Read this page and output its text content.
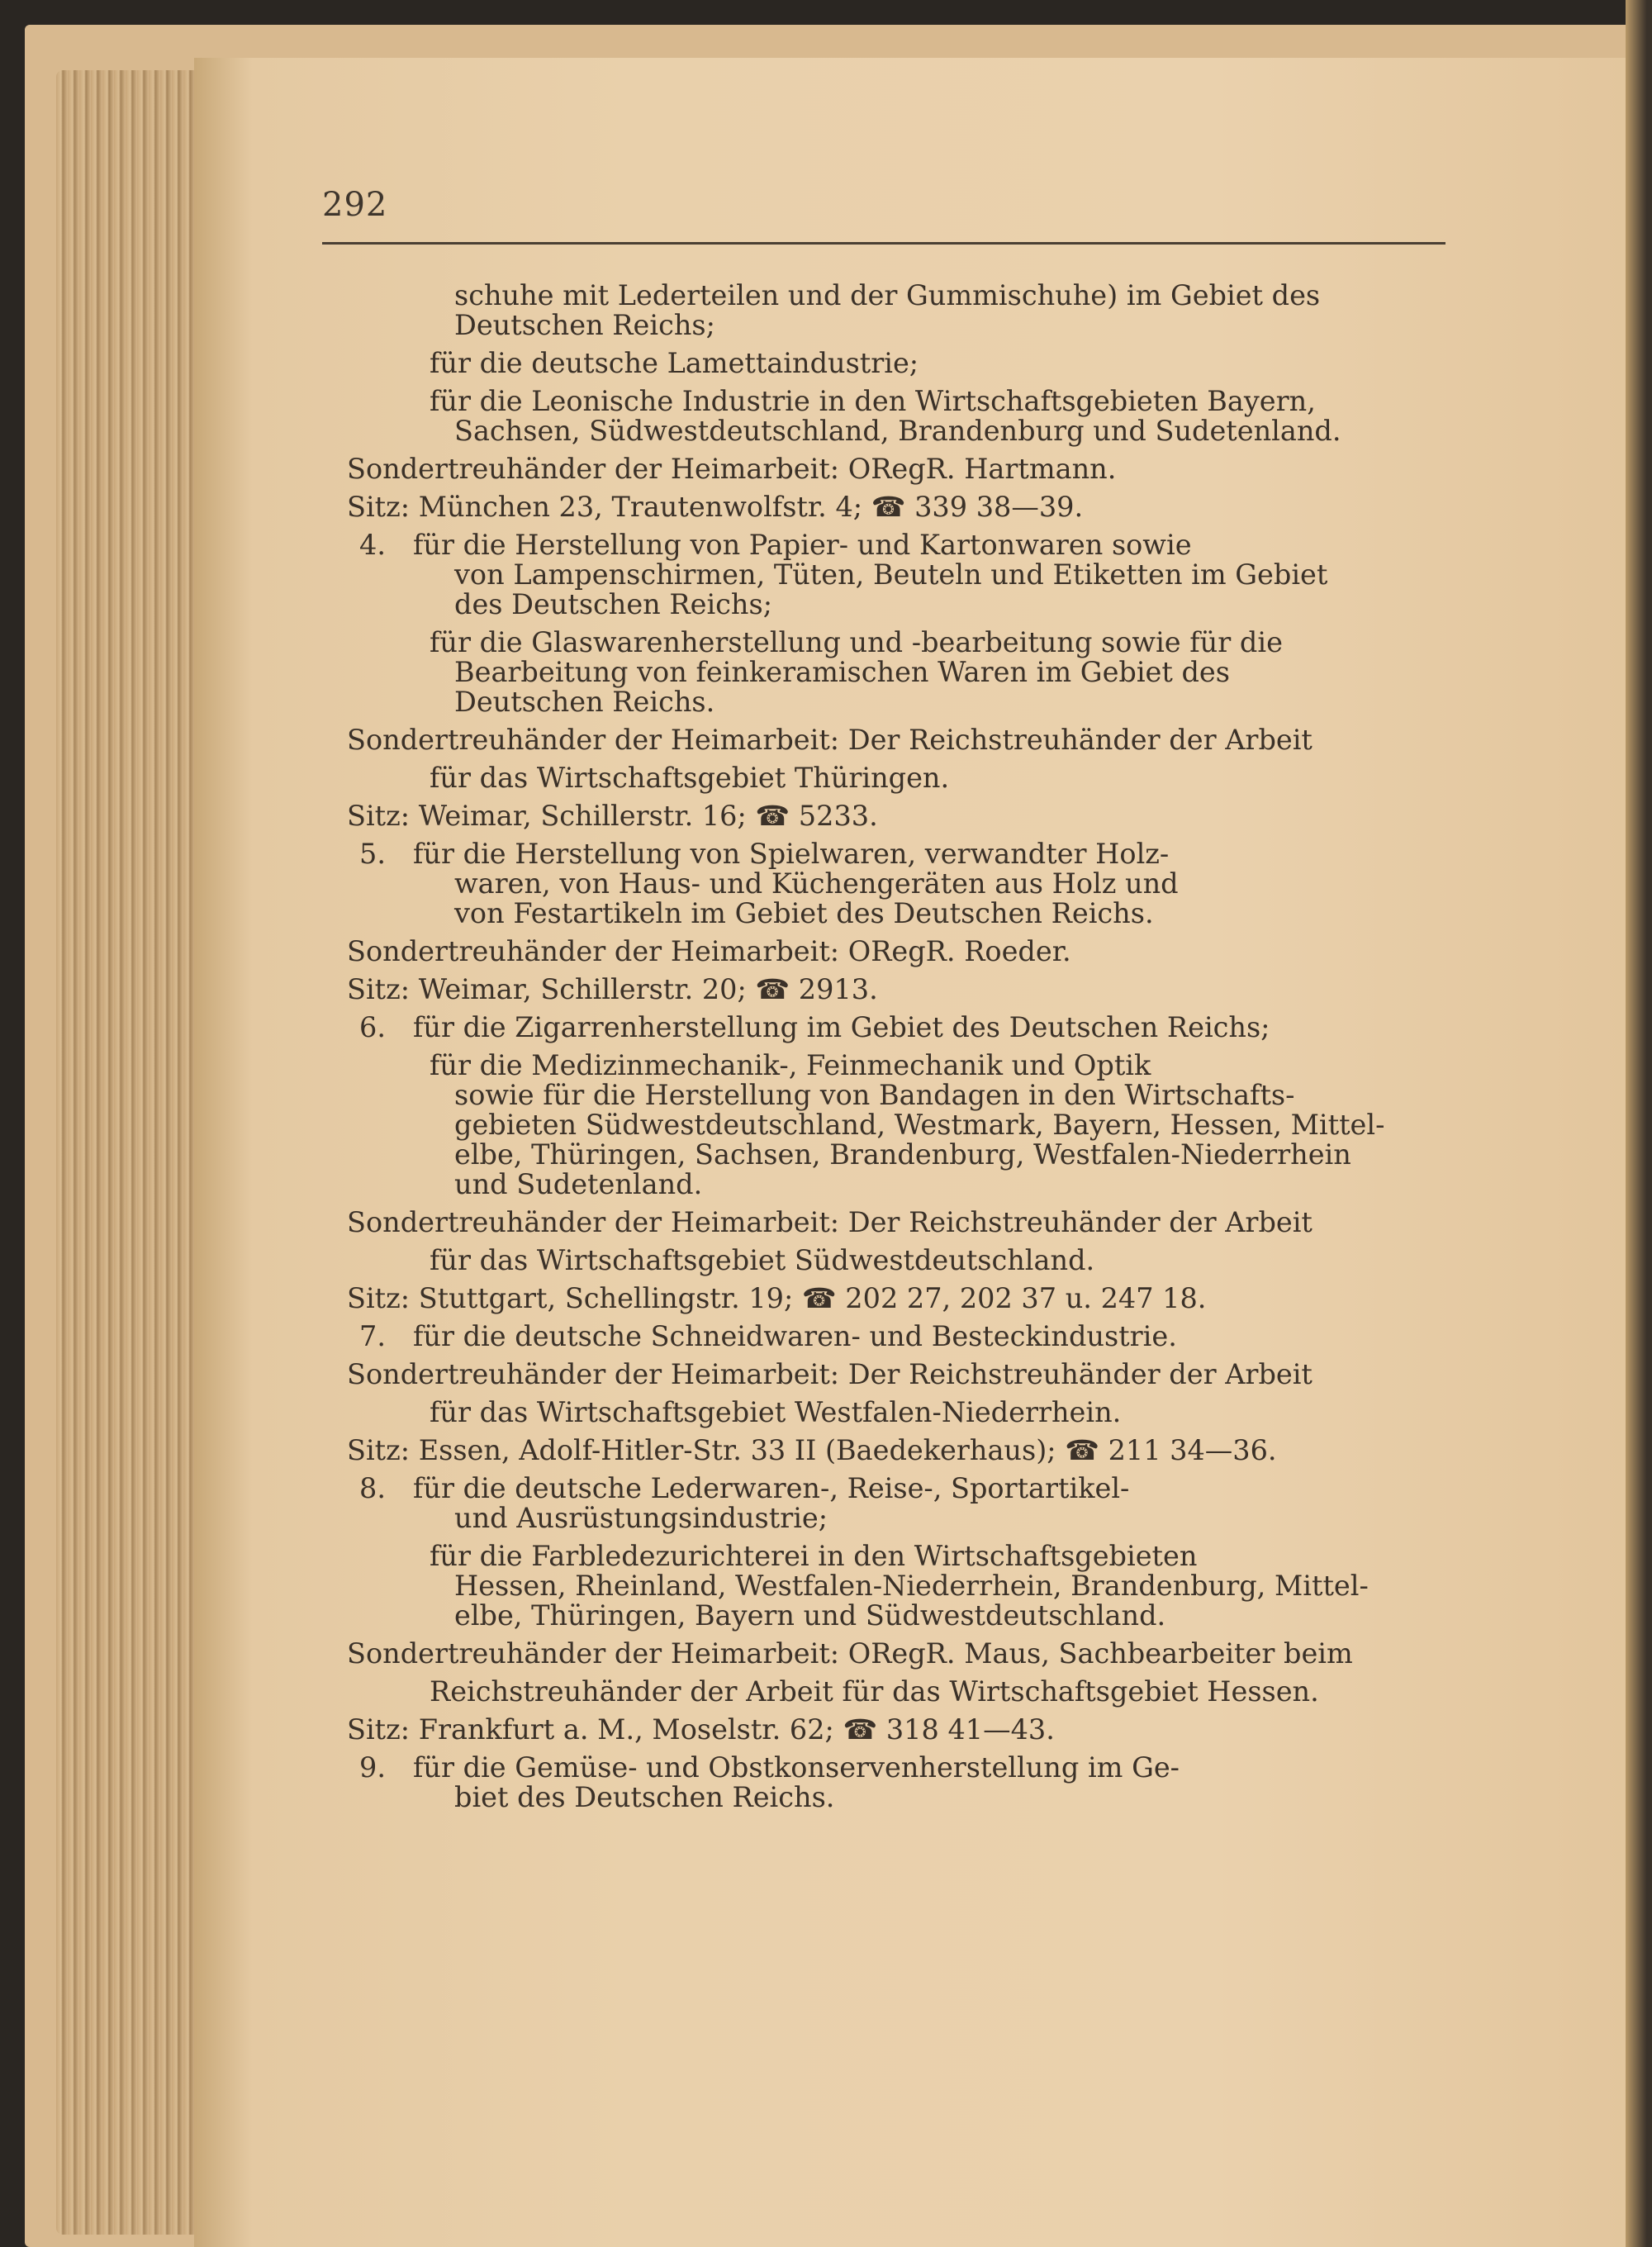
292
schuhe mit Lederteilen und der Gummischuhe) im Gebiet des
Deutschen Reichs;
für die deutsche Lamettaindustrie;
für die Leonische Industrie in den Wirtschaftsgebieten Bayern,
Sachsen, Südwestdeutschland, Brandenburg und Sudetenland.
Sondertreuhänder der Heimarbeit: ORegR. Hartmann.
Sitz: München 23, Trautenwolfstr. 4; ☎ 339 38—39.
4. für die Herstellung von Papier- und Kartonwaren sowie
von Lampenschirmen, Tüten, Beuteln und Etiketten im Gebiet
des Deutschen Reichs;
für die Glaswarenherstellung und -bearbeitung sowie für die
Bearbeitung von feinkeramischen Waren im Gebiet des
Deutschen Reichs.
Sondertreuhänder der Heimarbeit: Der Reichstreuhänder der Arbeit
für das Wirtschaftsgebiet Thüringen.
Sitz: Weimar, Schillerstr. 16; ☎ 5233.
5. für die Herstellung von Spielwaren, verwandter Holz-
waren, von Haus- und Küchengeräten aus Holz und
von Festartikeln im Gebiet des Deutschen Reichs.
Sondertreuhänder der Heimarbeit: ORegR. Roeder.
Sitz: Weimar, Schillerstr. 20; ☎ 2913.
6. für die Zigarrenherstellung im Gebiet des Deutschen Reichs;
für die Medizinmechanik-, Feinmechanik und Optik
sowie für die Herstellung von Bandagen in den Wirtschafts-
gebieten Südwestdeutschland, Westmark, Bayern, Hessen, Mittel-
elbe, Thüringen, Sachsen, Brandenburg, Westfalen-Niederrhein
und Sudetenland.
Sondertreuhänder der Heimarbeit: Der Reichstreuhänder der Arbeit
für das Wirtschaftsgebiet Südwestdeutschland.
Sitz: Stuttgart, Schellingstr. 19; ☎ 202 27, 202 37 u. 247 18.
7. für die deutsche Schneidwaren- und Besteckindustrie.
Sondertreuhänder der Heimarbeit: Der Reichstreuhänder der Arbeit
für das Wirtschaftsgebiet Westfalen-Niederrhein.
Sitz: Essen, Adolf-Hitler-Str. 33 II (Baedekerhaus); ☎ 211 34—36.
8. für die deutsche Lederwaren-, Reise-, Sportartikel-
und Ausrüstungsindustrie;
für die Farbledezurichterei in den Wirtschaftsgebieten
Hessen, Rheinland, Westfalen-Niederrhein, Brandenburg, Mittel-
elbe, Thüringen, Bayern und Südwestdeutschland.
Sondertreuhänder der Heimarbeit: ORegR. Maus, Sachbearbeiter beim
Reichstreuhänder der Arbeit für das Wirtschaftsgebiet Hessen.
Sitz: Frankfurt a. M., Moselstr. 62; ☎ 318 41—43.
9. für die Gemüse- und Obstkonservenherstellung im Ge-
biet des Deutschen Reichs.
